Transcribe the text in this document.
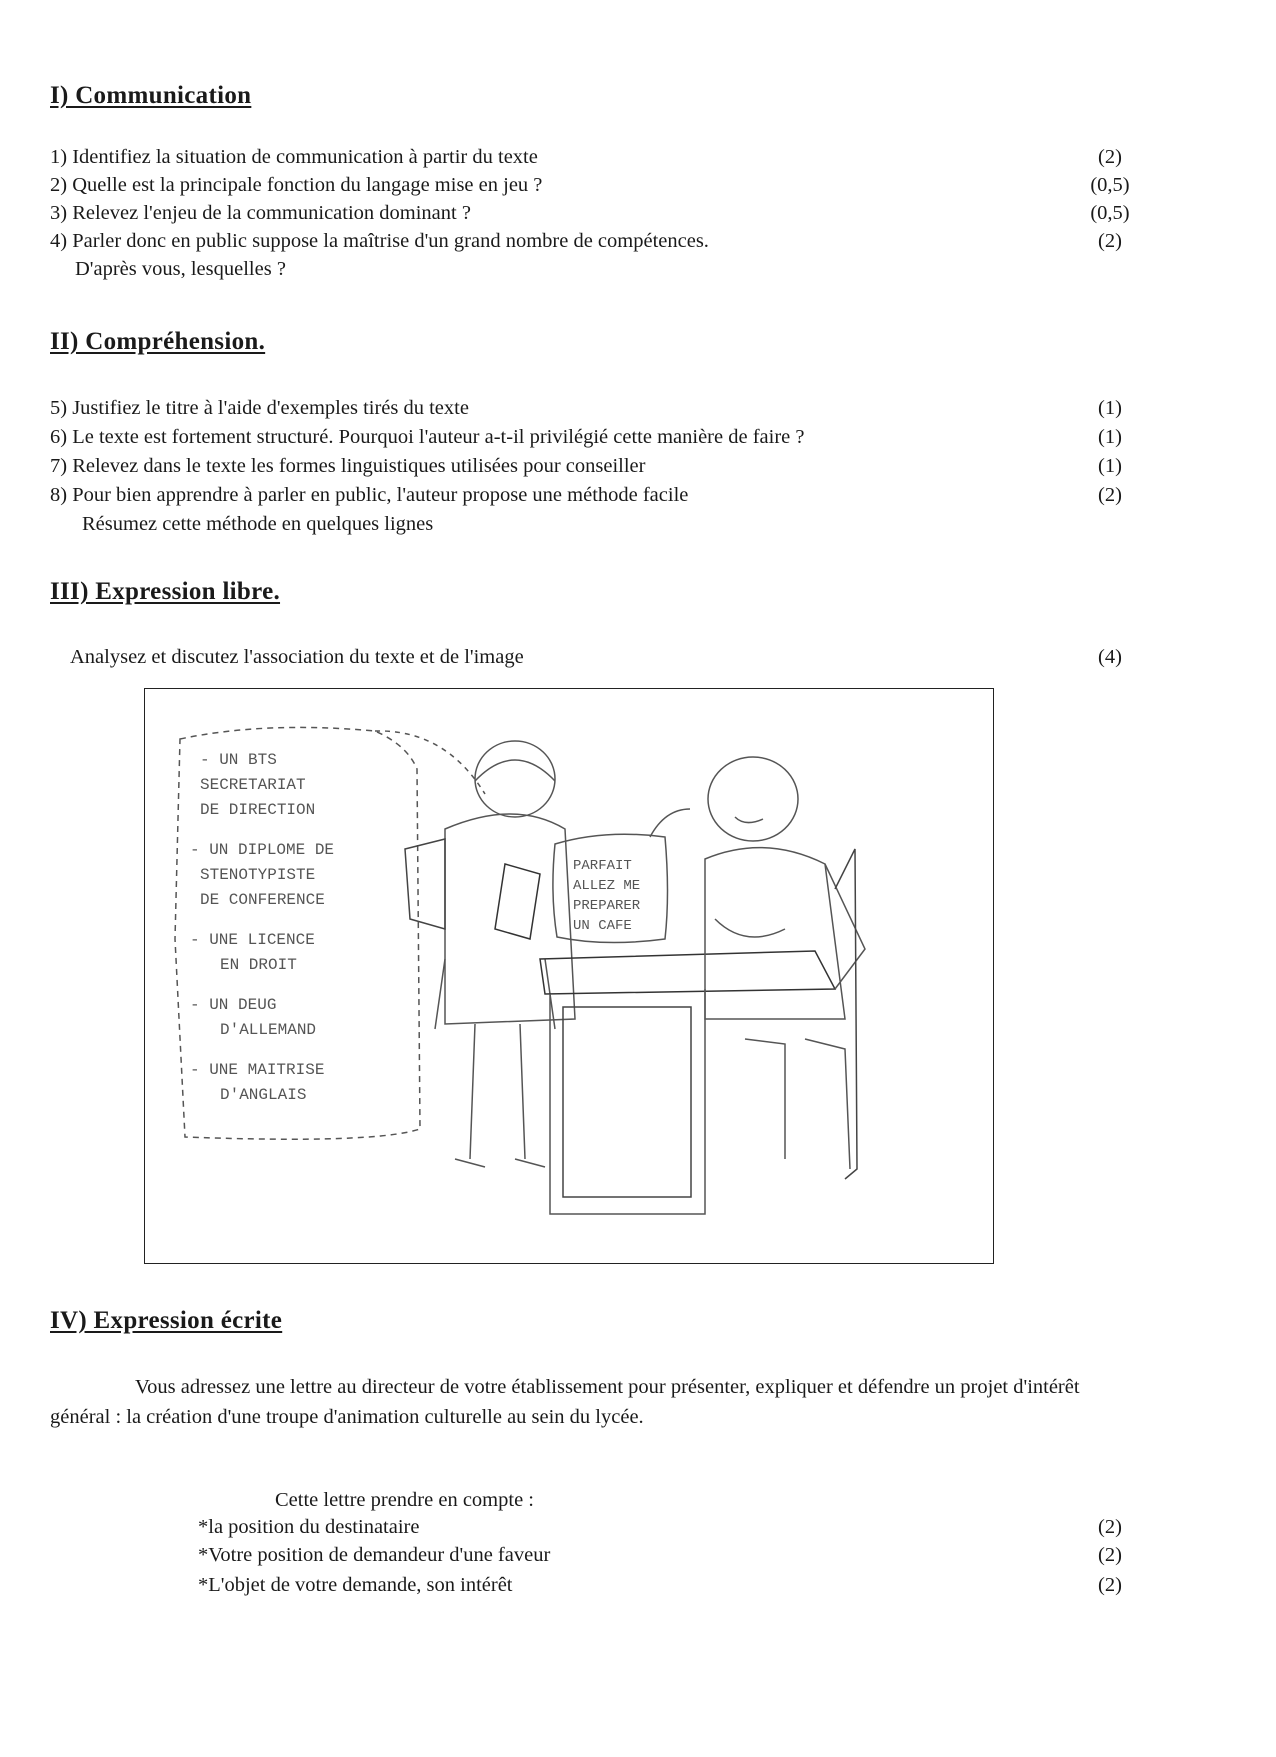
I) Communication
1) Identifiez la situation de communication à partir du texte	(2)
2) Quelle est la principale fonction du langage mise en jeu ?	(0,5)
3) Relevez l'enjeu de la communication dominant ?	(0,5)
4) Parler donc en public suppose la maîtrise d'un grand nombre de compétences.	(2)
D'après vous, lesquelles ?
II) Compréhension.
5) Justifiez le titre à l'aide d'exemples tirés du texte	(1)
6) Le texte est fortement structuré. Pourquoi l'auteur a-t-il privilégié cette manière de faire ?	(1)
7) Relevez dans le texte les formes linguistiques utilisées pour conseiller	(1)
8) Pour bien apprendre à parler en public, l'auteur propose une méthode facile	(2)
Résumez cette méthode en quelques lignes
III) Expression libre.
Analysez et discutez l'association du texte et de l'image	(4)
- UN BTS
SECRETARIAT
DE DIRECTION
- UN DIPLOME DE
STENOTYPISTE
DE CONFERENCE
- UNE LICENCE
EN DROIT
- UN DEUG
D'ALLEMAND
- UNE MAITRISE
D'ANGLAIS
PARFAIT
ALLEZ ME
PREPARER
UN CAFE
IV) Expression écrite
Vous adressez une lettre au directeur de votre établissement pour présenter, expliquer et défendre un projet d'intérêt général : la création d'une troupe d'animation culturelle au sein du lycée.
Cette lettre prendre en compte :
*la position du destinataire	(2)
*Votre position de demandeur d'une faveur	(2)
*L'objet de votre demande, son intérêt	(2)
